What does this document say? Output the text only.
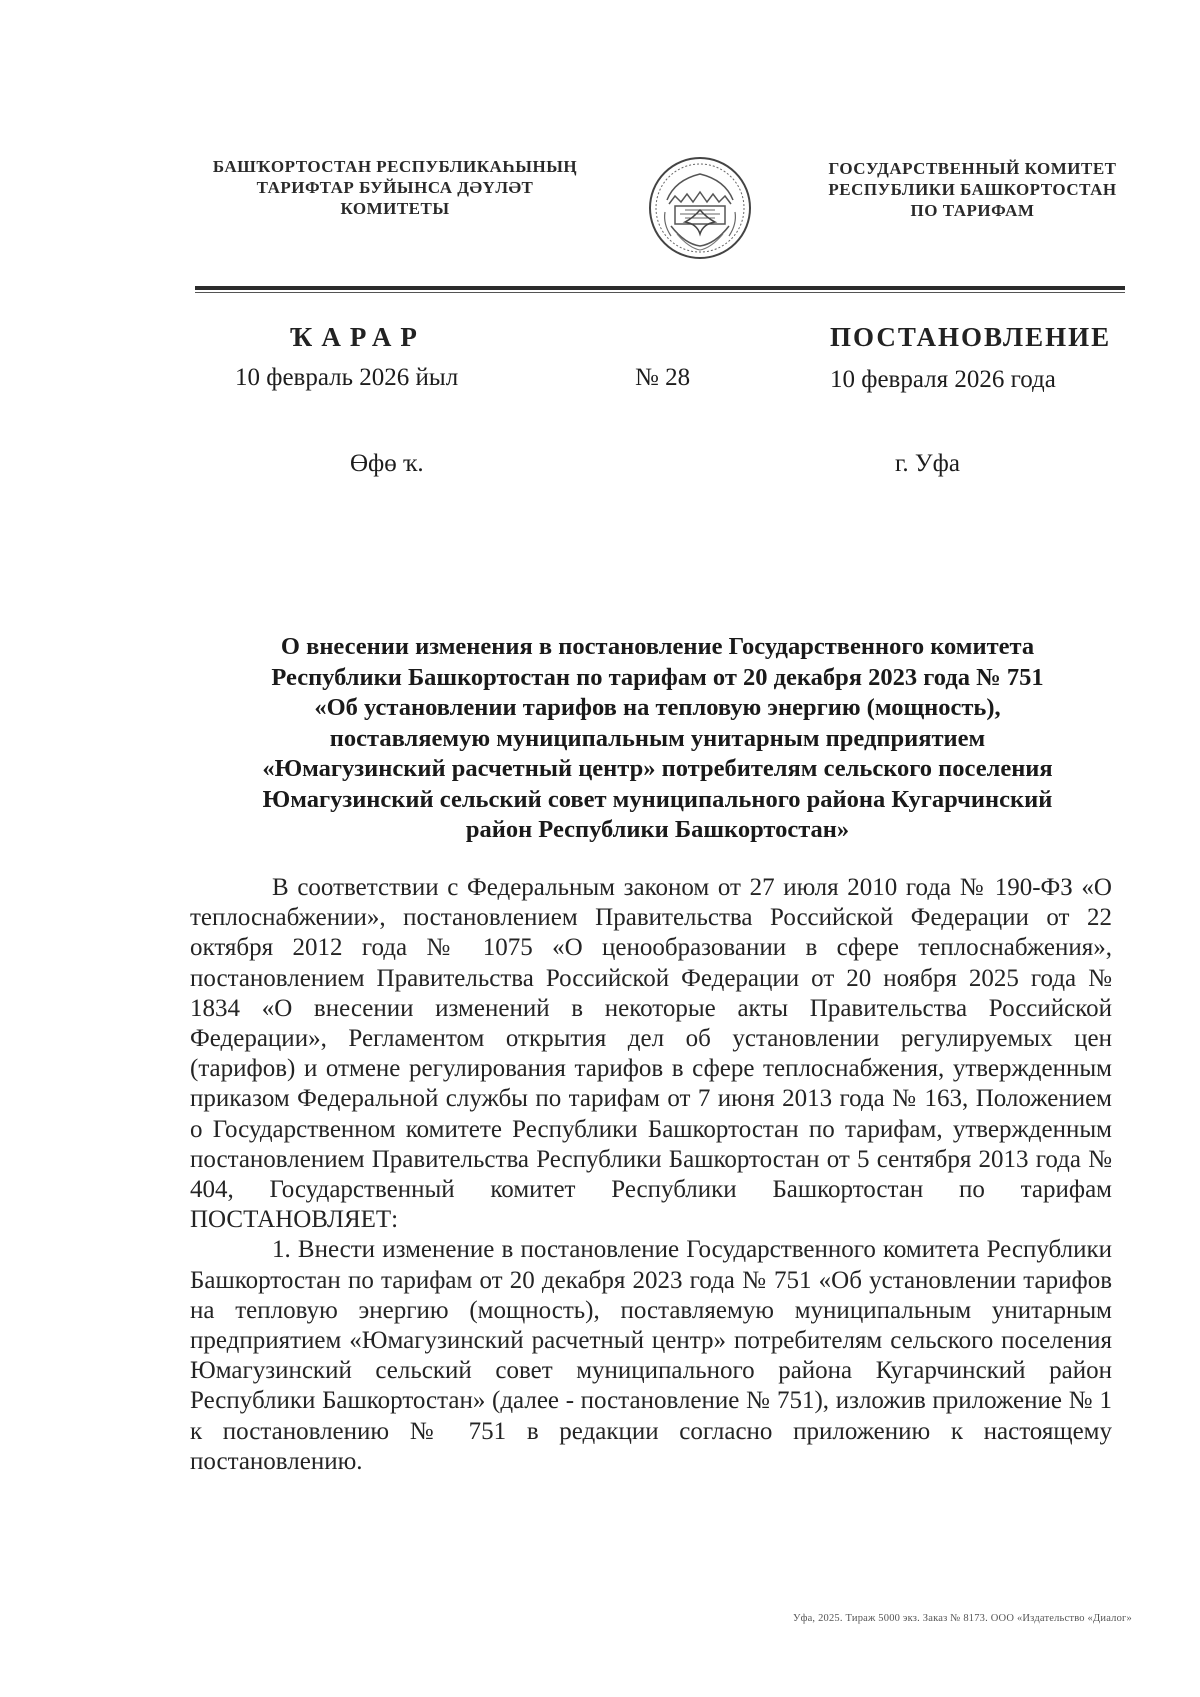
БАШҠОРТОСТАН РЕСПУБЛИКАҺЫНЫҢ
ТАРИФТАР БУЙЫНСА ДӘҮЛӘТ
КОМИТЕТЫ
ГОСУДАРСТВЕННЫЙ КОМИТЕТ
РЕСПУБЛИКИ БАШКОРТОСТАН
ПО ТАРИФАМ
ҠАРАР	ПОСТАНОВЛЕНИЕ
10 февраль 2026 йыл	№ 28	10 февраля 2026 года
Өфө ҡ.	г. Уфа
О внесении изменения в постановление Государственного комитета
Республики Башкортостан по тарифам от 20 декабря 2023 года № 751
«Об установлении тарифов на тепловую энергию (мощность),
поставляемую муниципальным унитарным предприятием
«Юмагузинский расчетный центр» потребителям сельского поселения
Юмагузинский сельский совет муниципального района Кугарчинский
район Республики Башкортостан»

В соответствии с Федеральным законом от 27 июля 2010 года № 190-ФЗ «О теплоснабжении», постановлением Правительства Российской Федерации от 22 октября 2012 года № 1075 «О ценообразовании в сфере теплоснабжения», постановлением Правительства Российской Федерации от 20 ноября 2025 года № 1834 «О внесении изменений в некоторые акты Правительства Российской Федерации», Регламентом открытия дел об установлении регулируемых цен (тарифов) и отмене регулирования тарифов в сфере теплоснабжения, утвержденным приказом Федеральной службы по тарифам от 7 июня 2013 года № 163, Положением о Государственном комитете Республики Башкортостан по тарифам, утвержденным постановлением Правительства Республики Башкортостан от 5 сентября 2013 года № 404, Государственный комитет Республики Башкортостан по тарифам ПОСТАНОВЛЯЕТ:

1. Внести изменение в постановление Государственного комитета Республики Башкортостан по тарифам от 20 декабря 2023 года № 751 «Об установлении тарифов на тепловую энергию (мощность), поставляемую муниципальным унитарным предприятием «Юмагузинский расчетный центр» потребителям сельского поселения Юмагузинский сельский совет муниципального района Кугарчинский район Республики Башкортостан» (далее - постановление № 751), изложив приложение № 1 к постановлению № 751 в редакции согласно приложению к настоящему постановлению.

Уфа, 2025. Тираж 5000 экз. Заказ № 8173. ООО «Издательство «Диалог»
